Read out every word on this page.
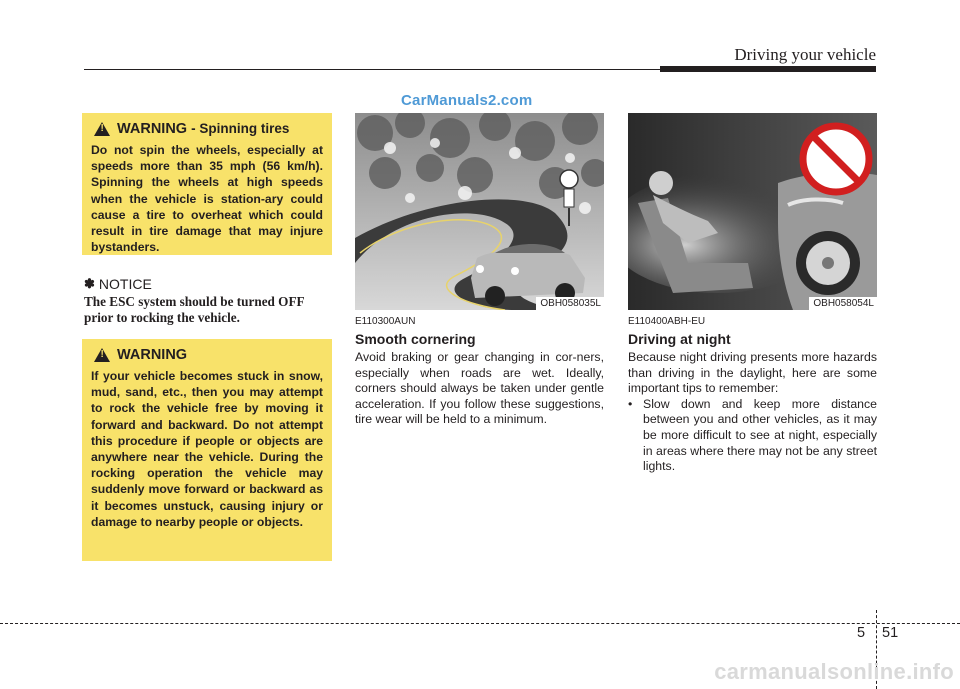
Driving your vehicle
CarManuals2.com
! WARNING - Spinning tires
Do not spin the wheels, especially at speeds more than 35 mph (56 km/h). Spinning the wheels at high speeds when the vehicle is station-ary could cause a tire to overheat which could result in tire damage that may injure bystanders.
✽ NOTICE
The ESC system should be turned OFF prior to rocking the vehicle.
! WARNING
If your vehicle becomes stuck in snow, mud, sand, etc., then you may attempt to rock the vehicle free by moving it forward and backward. Do not attempt this procedure if people or objects are anywhere near the vehicle. During the rocking operation the vehicle may suddenly move forward or backward as it becomes unstuck, causing injury or damage to nearby people or objects.
OBH058035L
E110300AUN
Smooth cornering
Avoid braking or gear changing in cor-ners, especially when roads are wet. Ideally, corners should always be taken under gentle acceleration. If you follow these suggestions, tire wear will be held to a minimum.
OBH058054L
E110400ABH-EU
Driving at night
Because night driving presents more hazards than driving in the daylight, here are some important tips to remember:
• Slow down and keep more distance between you and other vehicles, as it may be more difficult to see at night, especially in areas where there may not be any street lights.
5 51
carmanualsonline.info
